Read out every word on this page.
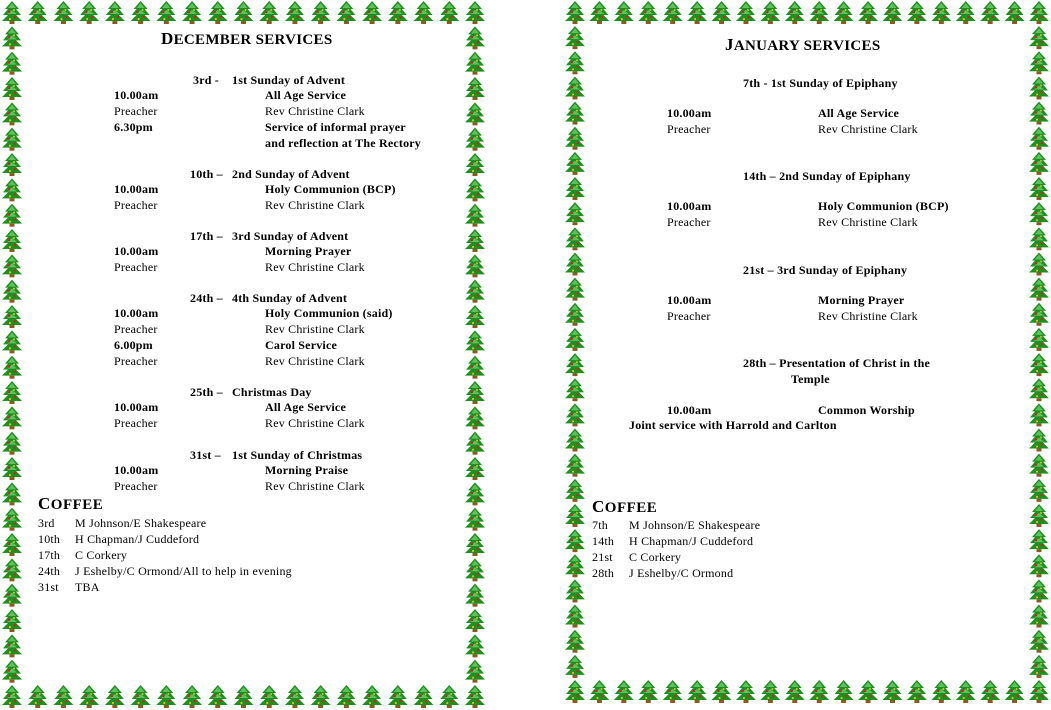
DECEMBER SERVICES
3rd - 1st Sunday of Advent
10.00am	All Age Service
Preacher	Rev Christine Clark
6.30pm	Service of informal prayer
and reflection at The Rectory
10th – 2nd Sunday of Advent
10.00am	Holy Communion (BCP)
Preacher	Rev Christine Clark
17th – 3rd Sunday of Advent
10.00am	Morning Prayer
Preacher	Rev Christine Clark
24th – 4th Sunday of Advent
10.00am	Holy Communion (said)
Preacher	Rev Christine Clark
6.00pm	Carol Service
Preacher	Rev Christine Clark
25th – Christmas Day
10.00am	All Age Service
Preacher	Rev Christine Clark
31st – 1st Sunday of Christmas
10.00am	Morning Praise
Preacher	Rev Christine Clark
COFFEE
3rd M Johnson/E Shakespeare
10th H Chapman/J Cuddeford
17th C Corkery
24th J Eshelby/C Ormond/All to help in evening
31st TBA
JANUARY SERVICES
7th - 1st Sunday of Epiphany
10.00am	All Age Service
Preacher	Rev Christine Clark
14th – 2nd Sunday of Epiphany
10.00am	Holy Communion (BCP)
Preacher	Rev Christine Clark
21st – 3rd Sunday of Epiphany
10.00am	Morning Prayer
Preacher	Rev Christine Clark
28th – Presentation of Christ in the
Temple
10.00am	Common Worship
Joint service with Harrold and Carlton
COFFEE
7th M Johnson/E Shakespeare
14th H Chapman/J Cuddeford
21st C Corkery
28th J Eshelby/C Ormond
